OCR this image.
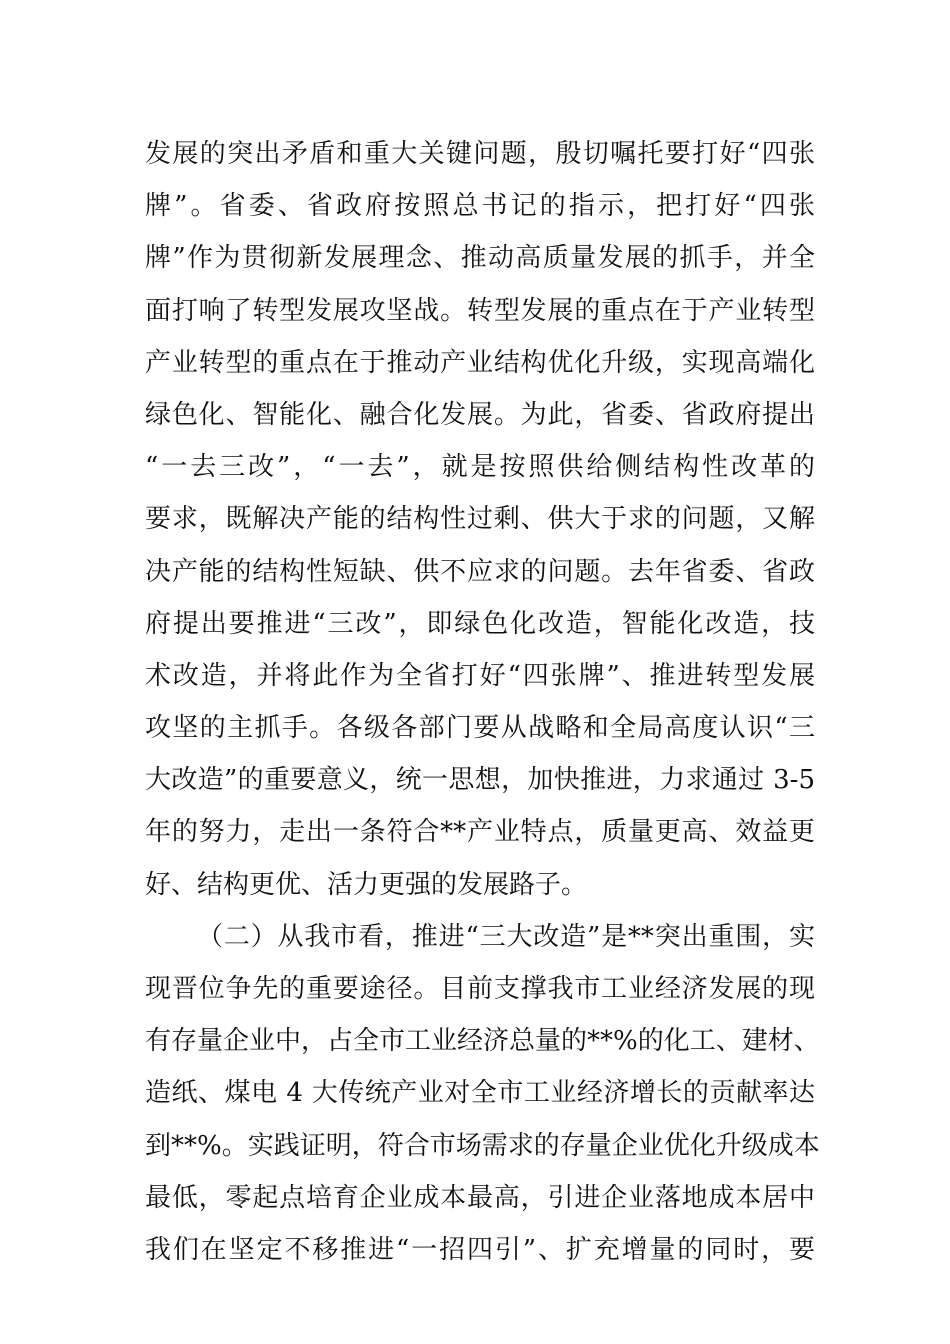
发展的突出矛盾和重大关键问题，殷切嘱托要打好“四张
牌”。省委、省政府按照总书记的指示，把打好“四张
牌”作为贯彻新发展理念、推动高质量发展的抓手，并全
面打响了转型发展攻坚战。转型发展的重点在于产业转型
产业转型的重点在于推动产业结构优化升级，实现高端化
绿色化、智能化、融合化发展。为此，省委、省政府提出
“一去三改”，“一去”，就是按照供给侧结构性改革的
要求，既解决产能的结构性过剩、供大于求的问题，又解
决产能的结构性短缺、供不应求的问题。去年省委、省政
府提出要推进“三改”，即绿色化改造，智能化改造，技
术改造，并将此作为全省打好“四张牌”、推进转型发展
攻坚的主抓手。各级各部门要从战略和全局高度认识“三
大改造”的重要意义，统一思想，加快推进，力求通过 3-5
年的努力，走出一条符合**产业特点，质量更高、效益更
好、结构更优、活力更强的发展路子。
（二）从我市看，推进“三大改造”是**突出重围，实
现晋位争先的重要途径。目前支撑我市工业经济发展的现
有存量企业中，占全市工业经济总量的**%的化工、建材、
造纸、煤电 4 大传统产业对全市工业经济增长的贡献率达
到**%。实践证明，符合市场需求的存量企业优化升级成本
最低，零起点培育企业成本最高，引进企业落地成本居中
我们在坚定不移推进“一招四引”、扩充增量的同时，要
